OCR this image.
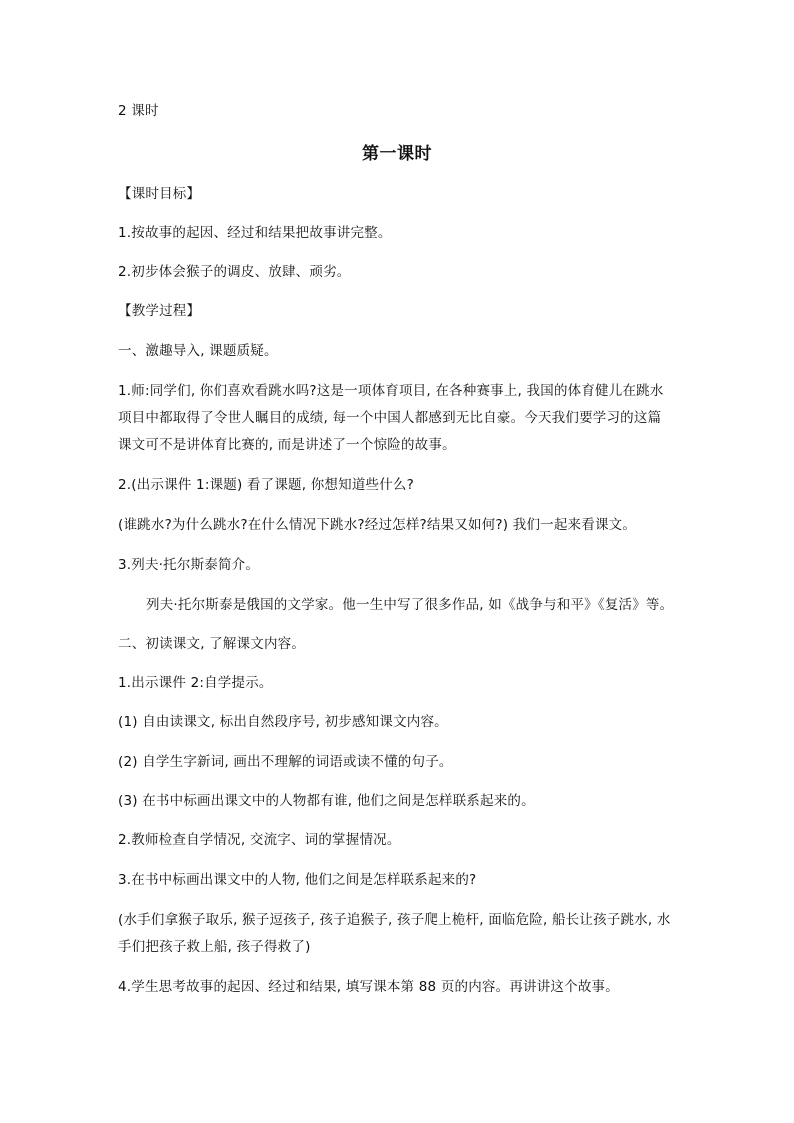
2 课时
第一课时
【课时目标】
1.按故事的起因、经过和结果把故事讲完整。
2.初步体会猴子的调皮、放肆、顽劣。
【教学过程】
一、激趣导入, 课题质疑。
1.师:同学们, 你们喜欢看跳水吗?这是一项体育项目, 在各种赛事上, 我国的体育健儿在跳水
项目中都取得了令世人瞩目的成绩, 每一个中国人都感到无比自豪。今天我们要学习的这篇
课文可不是讲体育比赛的, 而是讲述了一个惊险的故事。
2.(出示课件 1:课题) 看了课题, 你想知道些什么?
(谁跳水?为什么跳水?在什么情况下跳水?经过怎样?结果又如何?) 我们一起来看课文。
3.列夫·托尔斯泰简介。
列夫·托尔斯泰是俄国的文学家。他一生中写了很多作品, 如《战争与和平》《复活》等。
二、初读课文, 了解课文内容。
1.出示课件 2:自学提示。
(1) 自由读课文, 标出自然段序号, 初步感知课文内容。
(2) 自学生字新词, 画出不理解的词语或读不懂的句子。
(3) 在书中标画出课文中的人物都有谁, 他们之间是怎样联系起来的。
2.教师检查自学情况, 交流字、词的掌握情况。
3.在书中标画出课文中的人物, 他们之间是怎样联系起来的?
(水手们拿猴子取乐, 猴子逗孩子, 孩子追猴子, 孩子爬上桅杆, 面临危险, 船长让孩子跳水, 水
手们把孩子救上船, 孩子得救了)
4.学生思考故事的起因、经过和结果, 填写课本第 88 页的内容。再讲讲这个故事。
